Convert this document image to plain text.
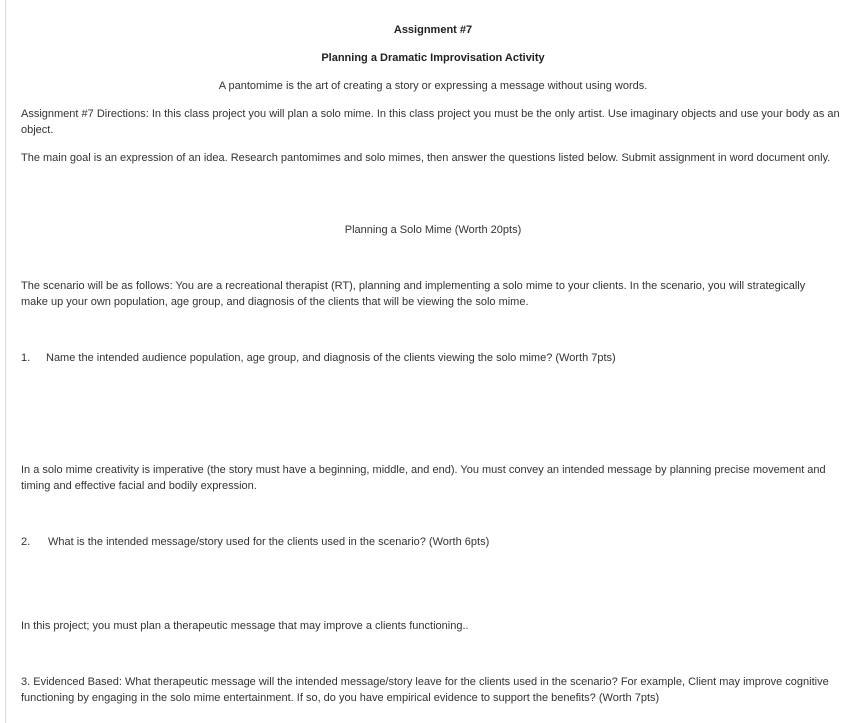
Assignment #7
Planning a Dramatic Improvisation Activity
A pantomime is the art of creating a story or expressing a message without using words.
Assignment #7 Directions: In this class project you will plan a solo mime. In this class project you must be the only artist. Use imaginary objects and use your body as an object.
The main goal is an expression of an idea. Research pantomimes and solo mimes, then answer the questions listed below. Submit assignment in word document only.
Planning a Solo Mime (Worth 20pts)
The scenario will be as follows: You are a recreational therapist (RT), planning and implementing a solo mime to your clients. In the scenario, you will strategically make up your own population, age group, and diagnosis of the clients that will be viewing the solo mime.
1. Name the intended audience population, age group, and diagnosis of the clients viewing the solo mime? (Worth 7pts)
In a solo mime creativity is imperative (the story must have a beginning, middle, and end). You must convey an intended message by planning precise movement and timing and effective facial and bodily expression.
2. What is the intended message/story used for the clients used in the scenario? (Worth 6pts)
In this project; you must plan a therapeutic message that may improve a clients functioning..
3. Evidenced Based: What therapeutic message will the intended message/story leave for the clients used in the scenario? For example, Client may improve cognitive functioning by engaging in the solo mime entertainment. If so, do you have empirical evidence to support the benefits? (Worth 7pts)
